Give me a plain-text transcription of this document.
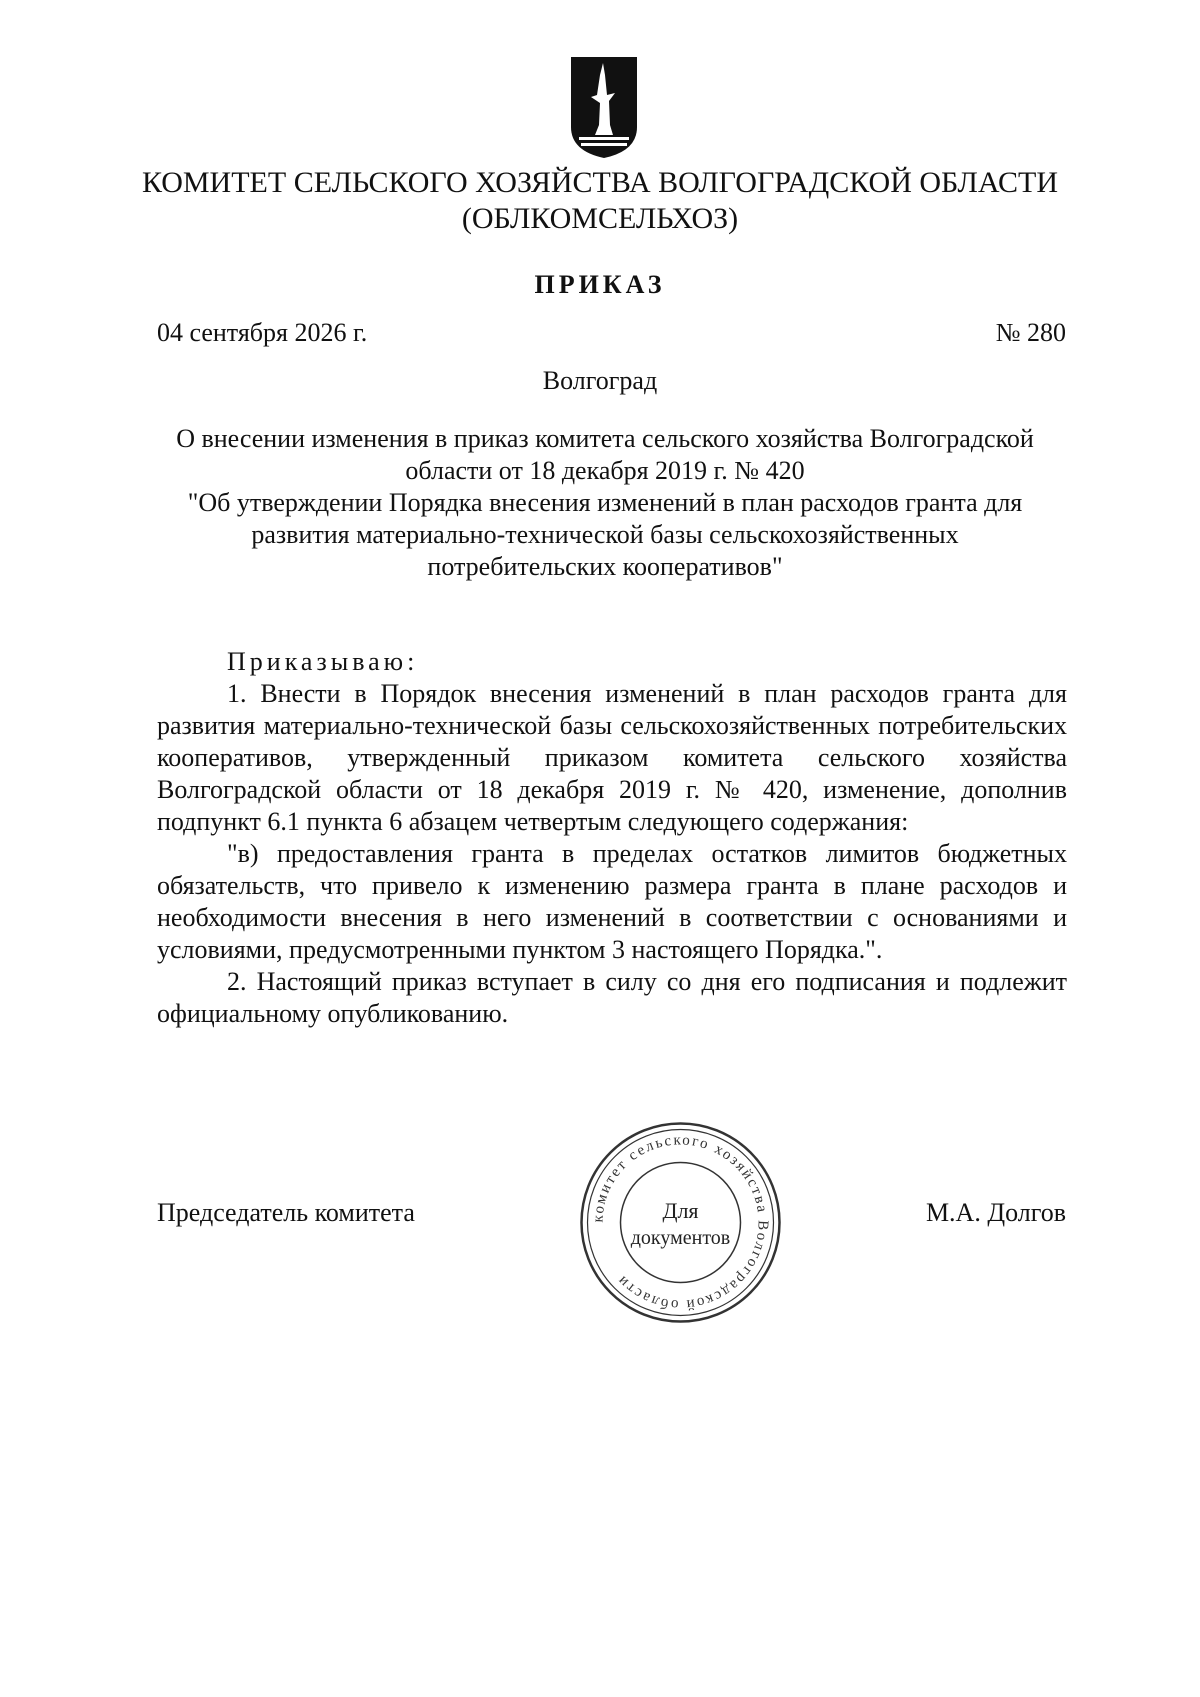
КОМИТЕТ СЕЛЬСКОГО ХОЗЯЙСТВА ВОЛГОГРАДСКОЙ ОБЛАСТИ
(ОБЛКОМСЕЛЬХОЗ)
ПРИКАЗ
04 сентября 2026 г.	№ 280
Волгоград
О внесении изменения в приказ комитета сельского хозяйства Волгоградской
области от 18 декабря 2019 г. № 420
"Об утверждении Порядка внесения изменений в план расходов гранта для
развития материально-технической базы сельскохозяйственных
потребительских кооперативов"
Приказываю:

1. Внести в Порядок внесения изменений в план расходов гранта для развития материально-технической базы сельскохозяйственных потребительских кооперативов, утвержденный приказом комитета сельского хозяйства Волгоградской области от 18 декабря 2019 г. № 420, изменение, дополнив подпункт 6.1 пункта 6 абзацем четвертым следующего содержания:

"в) предоставления гранта в пределах остатков лимитов бюджетных обязательств, что привело к изменению размера гранта в плане расходов и необходимости внесения в него изменений в соответствии с основаниями и условиями, предусмотренными пунктом 3 настоящего Порядка.".

2. Настоящий приказ вступает в силу со дня его подписания и подлежит официальному опубликованию.

Председатель комитета	комитет сельского хозяйства Волгоградской области
Для
документов
М.А. Долгов
